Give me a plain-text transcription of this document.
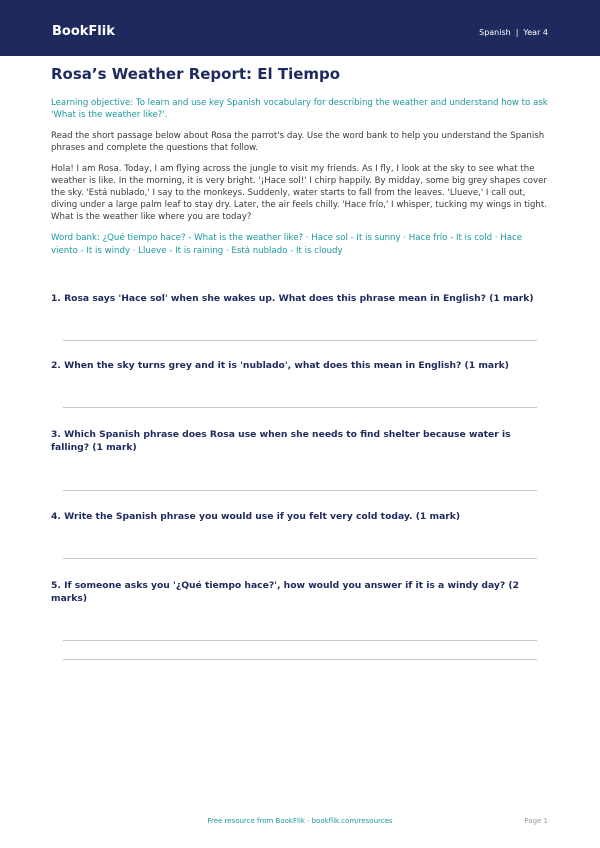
BookFlik	Spanish | Year 4
Rosa’s Weather Report: El Tiempo

Learning objective: To learn and use key Spanish vocabulary for describing the weather and understand how to ask 'What is the weather like?'.

Read the short passage below about Rosa the parrot's day. Use the word bank to help you understand the Spanish phrases and complete the questions that follow.

Hola! I am Rosa. Today, I am flying across the jungle to visit my friends. As I fly, I look at the sky to see what the weather is like. In the morning, it is very bright. '¡Hace sol!' I chirp happily. By midday, some big grey shapes cover the sky. 'Está nublado,' I say to the monkeys. Suddenly, water starts to fall from the leaves. 'Llueve,' I call out, diving under a large palm leaf to stay dry. Later, the air feels chilly. 'Hace frío,' I whisper, tucking my wings in tight. What is the weather like where you are today?

Word bank: ¿Qué tiempo hace? - What is the weather like? · Hace sol - It is sunny · Hace frío - It is cold · Hace viento - It is windy · Llueve - It is raining · Está nublado - It is cloudy

1. Rosa says 'Hace sol' when she wakes up. What does this phrase mean in English? (1 mark)
2. When the sky turns grey and it is 'nublado', what does this mean in English? (1 mark)
3. Which Spanish phrase does Rosa use when she needs to find shelter because water is falling? (1 mark)
4. Write the Spanish phrase you would use if you felt very cold today. (1 mark)
5. If someone asks you '¿Qué tiempo hace?', how would you answer if it is a windy day? (2 marks)
Free resource from BookFlik · bookflik.com/resources	Page 1
